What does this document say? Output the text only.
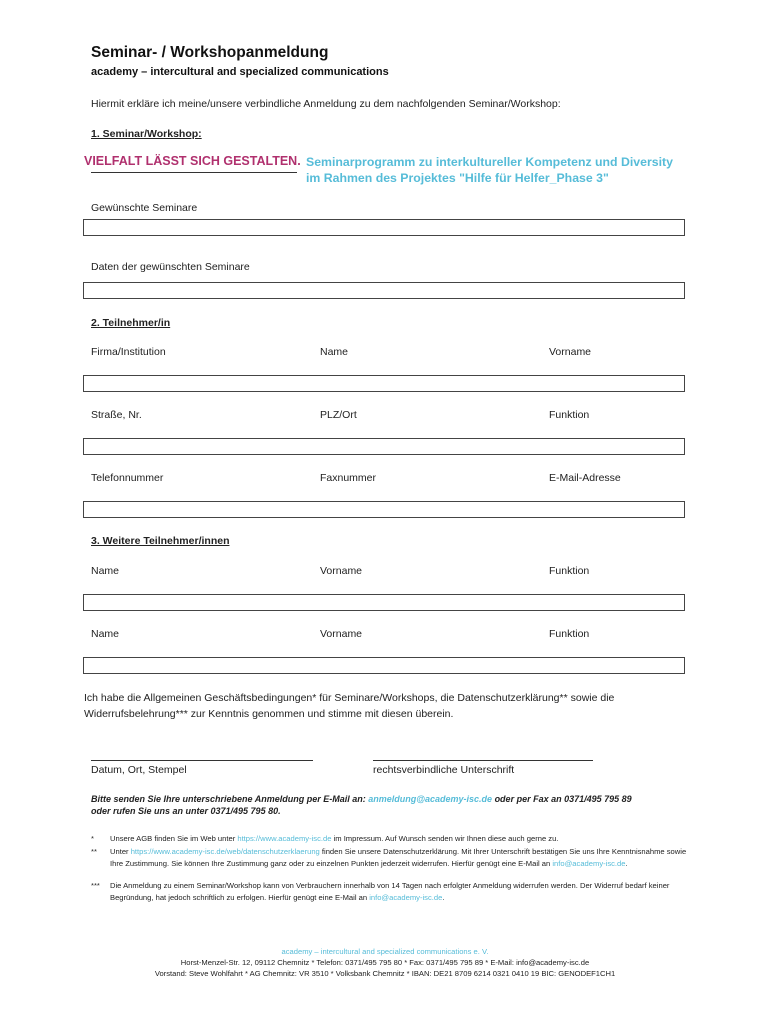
Seminar- / Workshopanmeldung
academy – intercultural and specialized communications
Hiermit erkläre ich meine/unsere verbindliche Anmeldung zu dem nachfolgenden Seminar/Workshop:
1. Seminar/Workshop:
VIELFALT LÄSST SICH GESTALTEN. Seminarprogramm zu interkultureller Kompetenz und Diversity
im Rahmen des Projektes "Hilfe für Helfer_Phase 3"
Gewünschte Seminare
Daten der gewünschten Seminare
2. Teilnehmer/in
Firma/Institution	Name	Vorname
Straße, Nr.	PLZ/Ort	Funktion
Telefonnummer	Faxnummer	E-Mail-Adresse
3. Weitere Teilnehmer/innen
Name	Vorname	Funktion
Name	Vorname	Funktion
Ich habe die Allgemeinen Geschäftsbedingungen* für Seminare/Workshops, die Datenschutzerklärung** sowie die Widerrufsbelehrung*** zur Kenntnis genommen und stimme mit diesen überein.
Datum, Ort, Stempel	rechtsverbindliche Unterschrift
Bitte senden Sie Ihre unterschriebene Anmeldung per E-Mail an: anmeldung@academy-isc.de oder per Fax an 0371/495 795 89 oder rufen Sie uns an unter 0371/495 795 80.
* Unsere AGB finden Sie im Web unter https://www.academy-isc.de im Impressum. Auf Wunsch senden wir Ihnen diese auch gerne zu.
** Unter https://www.academy-isc.de/web/datenschutzerklaerung finden Sie unsere Datenschutzerklärung. Mit Ihrer Unterschrift bestätigen Sie uns Ihre Kenntnisnahme sowie Ihre Zustimmung. Sie können Ihre Zustimmung ganz oder zu einzelnen Punkten jederzeit widerrufen. Hierfür genügt eine E-Mail an info@academy-isc.de.
*** Die Anmeldung zu einem Seminar/Workshop kann von Verbrauchern innerhalb von 14 Tagen nach erfolgter Anmeldung widerrufen werden. Der Widerruf bedarf keiner Begründung, hat jedoch schriftlich zu erfolgen. Hierfür genügt eine E-Mail an info@academy-isc.de.
academy – intercultural and specialized communications e. V.
Horst-Menzel-Str. 12, 09112 Chemnitz * Telefon: 0371/495 795 80 * Fax: 0371/495 795 89 * E-Mail: info@academy-isc.de
Vorstand: Steve Wohlfahrt * AG Chemnitz: VR 3510 * Volksbank Chemnitz * IBAN: DE21 8709 6214 0321 0410 19 BIC: GENODEF1CH1
